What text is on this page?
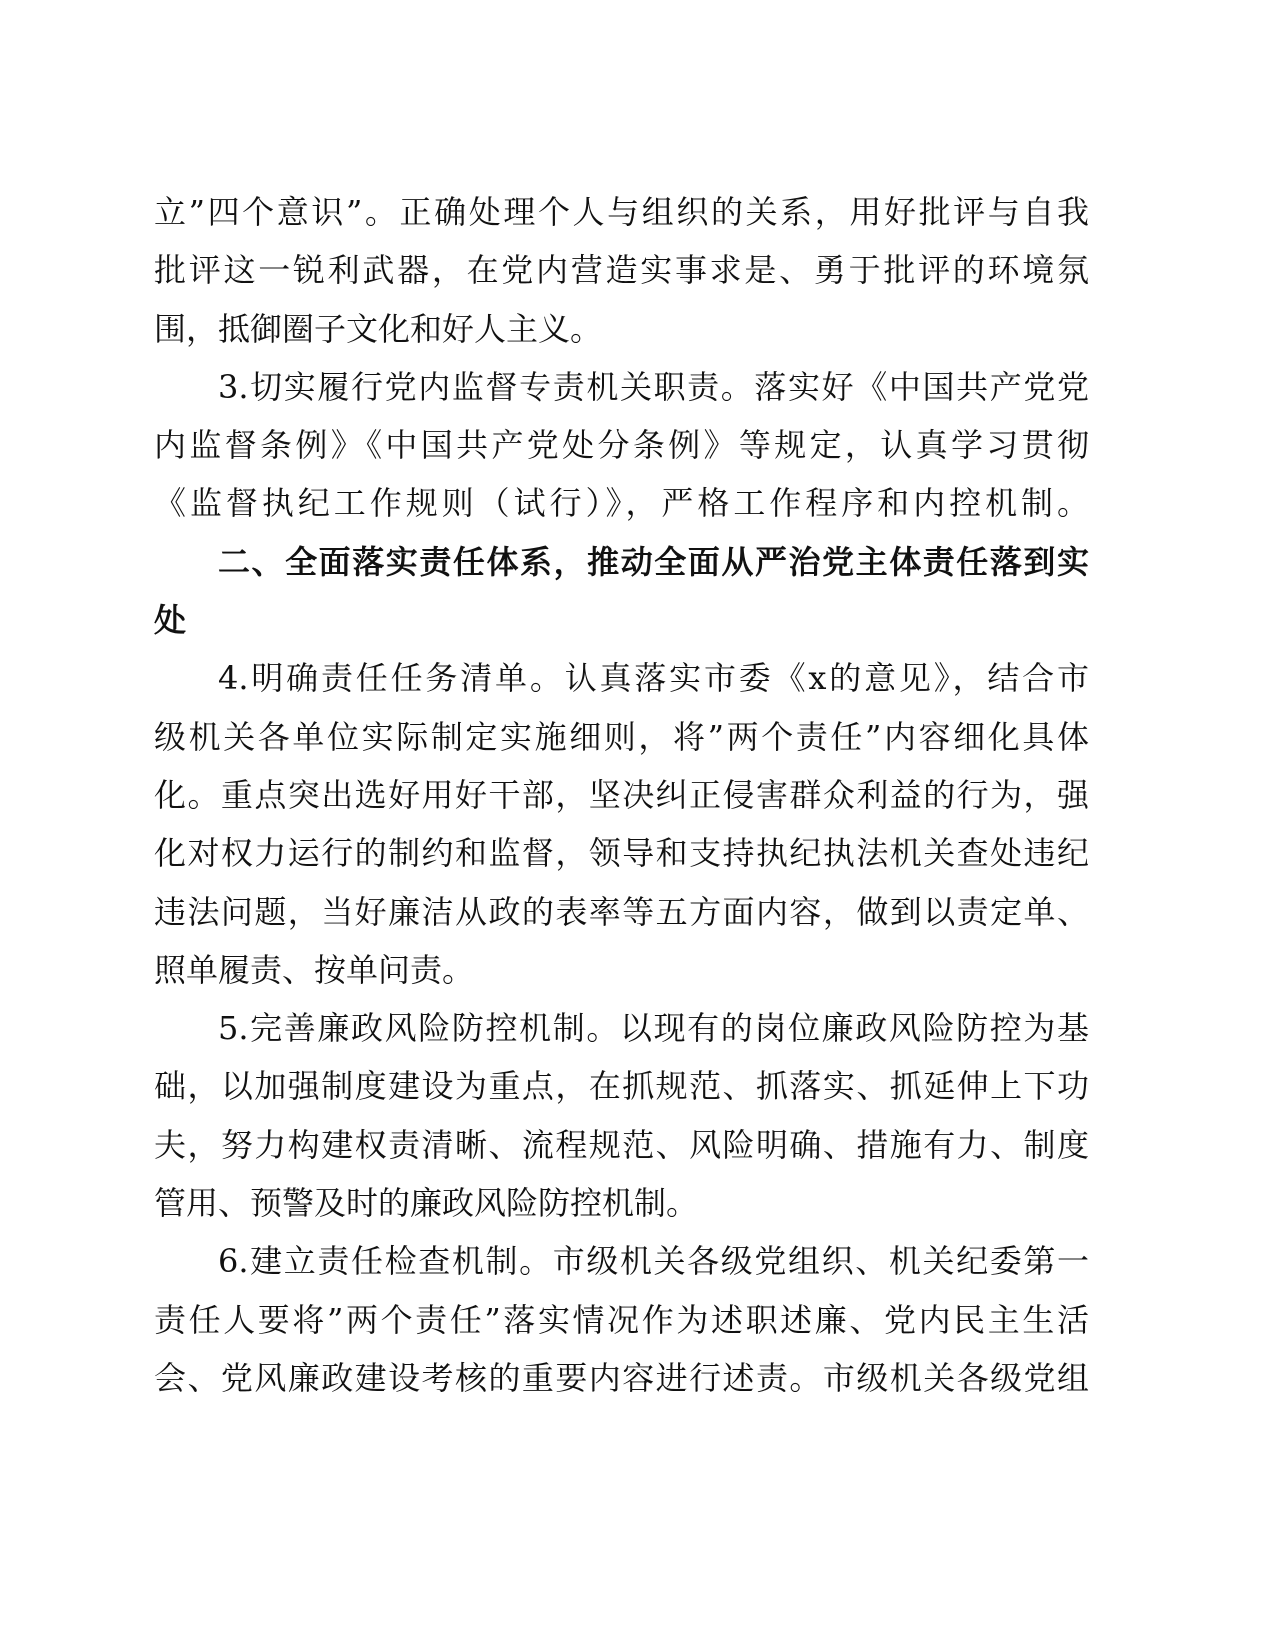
立”四个意识”。正确处理个人与组织的关系，用好批评与自我
批评这一锐利武器，在党内营造实事求是、勇于批评的环境氛
围，抵御圈子文化和好人主义。
3.切实履行党内监督专责机关职责。落实好《中国共产党党
内监督条例》《中国共产党处分条例》等规定，认真学习贯彻
《监督执纪工作规则（试行）》，严格工作程序和内控机制。
二、全面落实责任体系，推动全面从严治党主体责任落到实
处
4.明确责任任务清单。认真落实市委《x的意见》，结合市
级机关各单位实际制定实施细则，将”两个责任”内容细化具体
化。重点突出选好用好干部，坚决纠正侵害群众利益的行为，强
化对权力运行的制约和监督，领导和支持执纪执法机关查处违纪
违法问题，当好廉洁从政的表率等五方面内容，做到以责定单、
照单履责、按单问责。
5.完善廉政风险防控机制。以现有的岗位廉政风险防控为基
础，以加强制度建设为重点，在抓规范、抓落实、抓延伸上下功
夫，努力构建权责清晰、流程规范、风险明确、措施有力、制度
管用、预警及时的廉政风险防控机制。
6.建立责任检查机制。市级机关各级党组织、机关纪委第一
责任人要将”两个责任”落实情况作为述职述廉、党内民主生活
会、党风廉政建设考核的重要内容进行述责。市级机关各级党组
